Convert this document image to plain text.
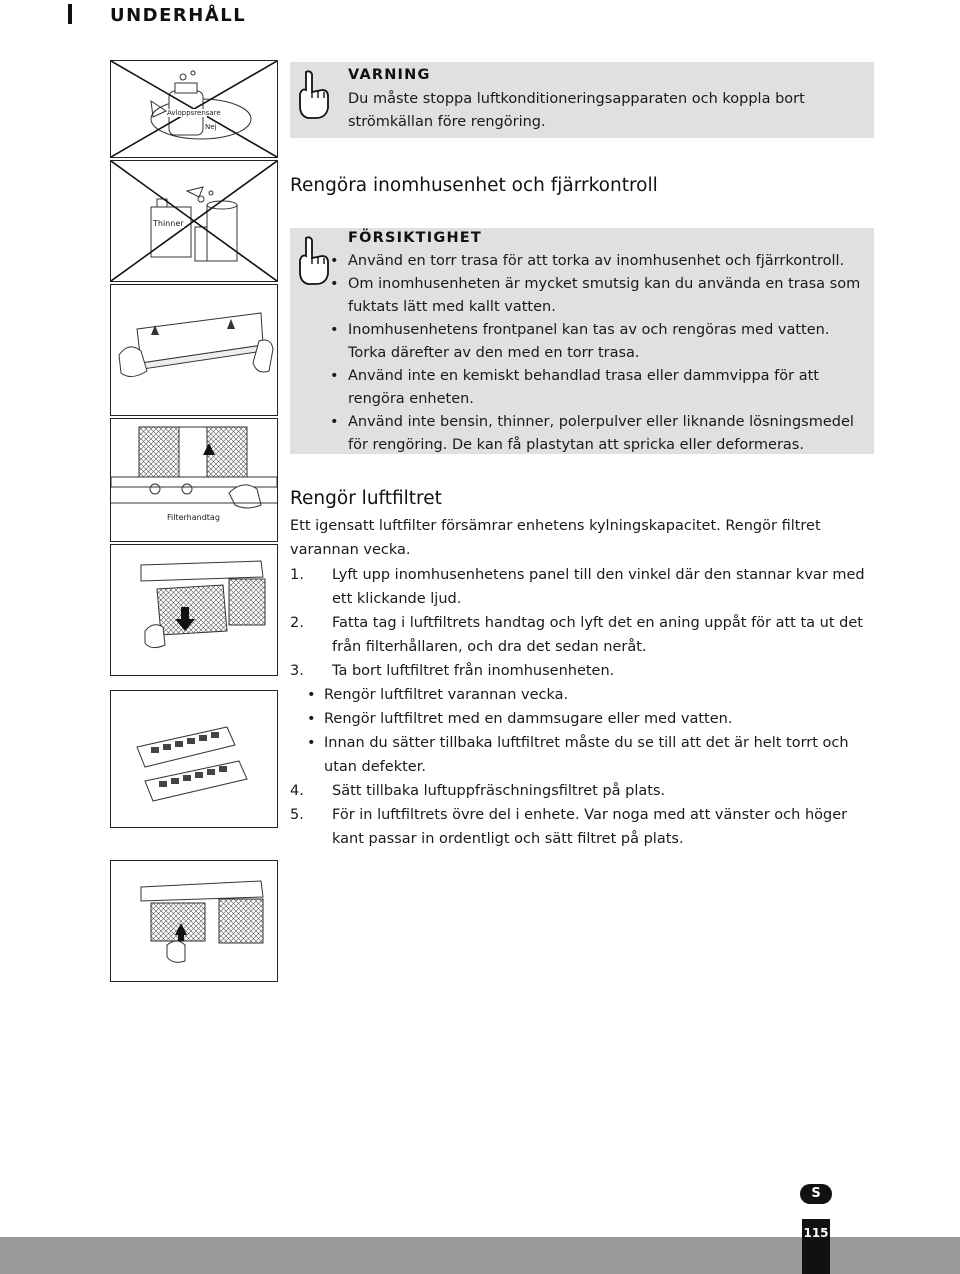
UNDERHÅLL
Avloppsrensare
Nej
Thinner
Filterhandtag
VARNING
Du måste stoppa luftkonditioneringsapparaten och koppla bort strömkällan före rengöring.
Rengöra inomhusenhet och fjärrkontroll
FÖRSIKTIGHET
• Använd en torr trasa för att torka av inomhusenhet och fjärrkontroll.
• Om inomhusenheten är mycket smutsig kan du använda en trasa som fuktats lätt med kallt vatten.
• Inomhusenhetens frontpanel kan tas av och rengöras med vatten. Torka därefter av den med en torr trasa.
• Använd inte en kemiskt behandlad trasa eller dammvippa för att rengöra enheten.
• Använd inte bensin, thinner, polerpulver eller liknande lösningsmedel för rengöring. De kan få plastytan att spricka eller deformeras.
Rengör luftfiltret
Ett igensatt luftfilter försämrar enhetens kylningskapacitet. Rengör filtret varannan vecka.
1. Lyft upp inomhusenhetens panel till den vinkel där den stannar kvar med ett klickande ljud.
2. Fatta tag i luftfiltrets handtag och lyft det en aning uppåt för att ta ut det från filterhållaren, och dra det sedan neråt.
3. Ta bort luftfiltret från inomhusenheten.
• Rengör luftfiltret varannan vecka.
• Rengör luftfiltret med en dammsugare eller med vatten.
• Innan du sätter tillbaka luftfiltret måste du se till att det är helt torrt och utan defekter.
4. Sätt tillbaka luftuppfräschningsfiltret på plats.
5. För in luftfiltrets övre del i enhete. Var noga med att vänster och höger kant passar in ordentligt och sätt filtret på plats.
S
115
